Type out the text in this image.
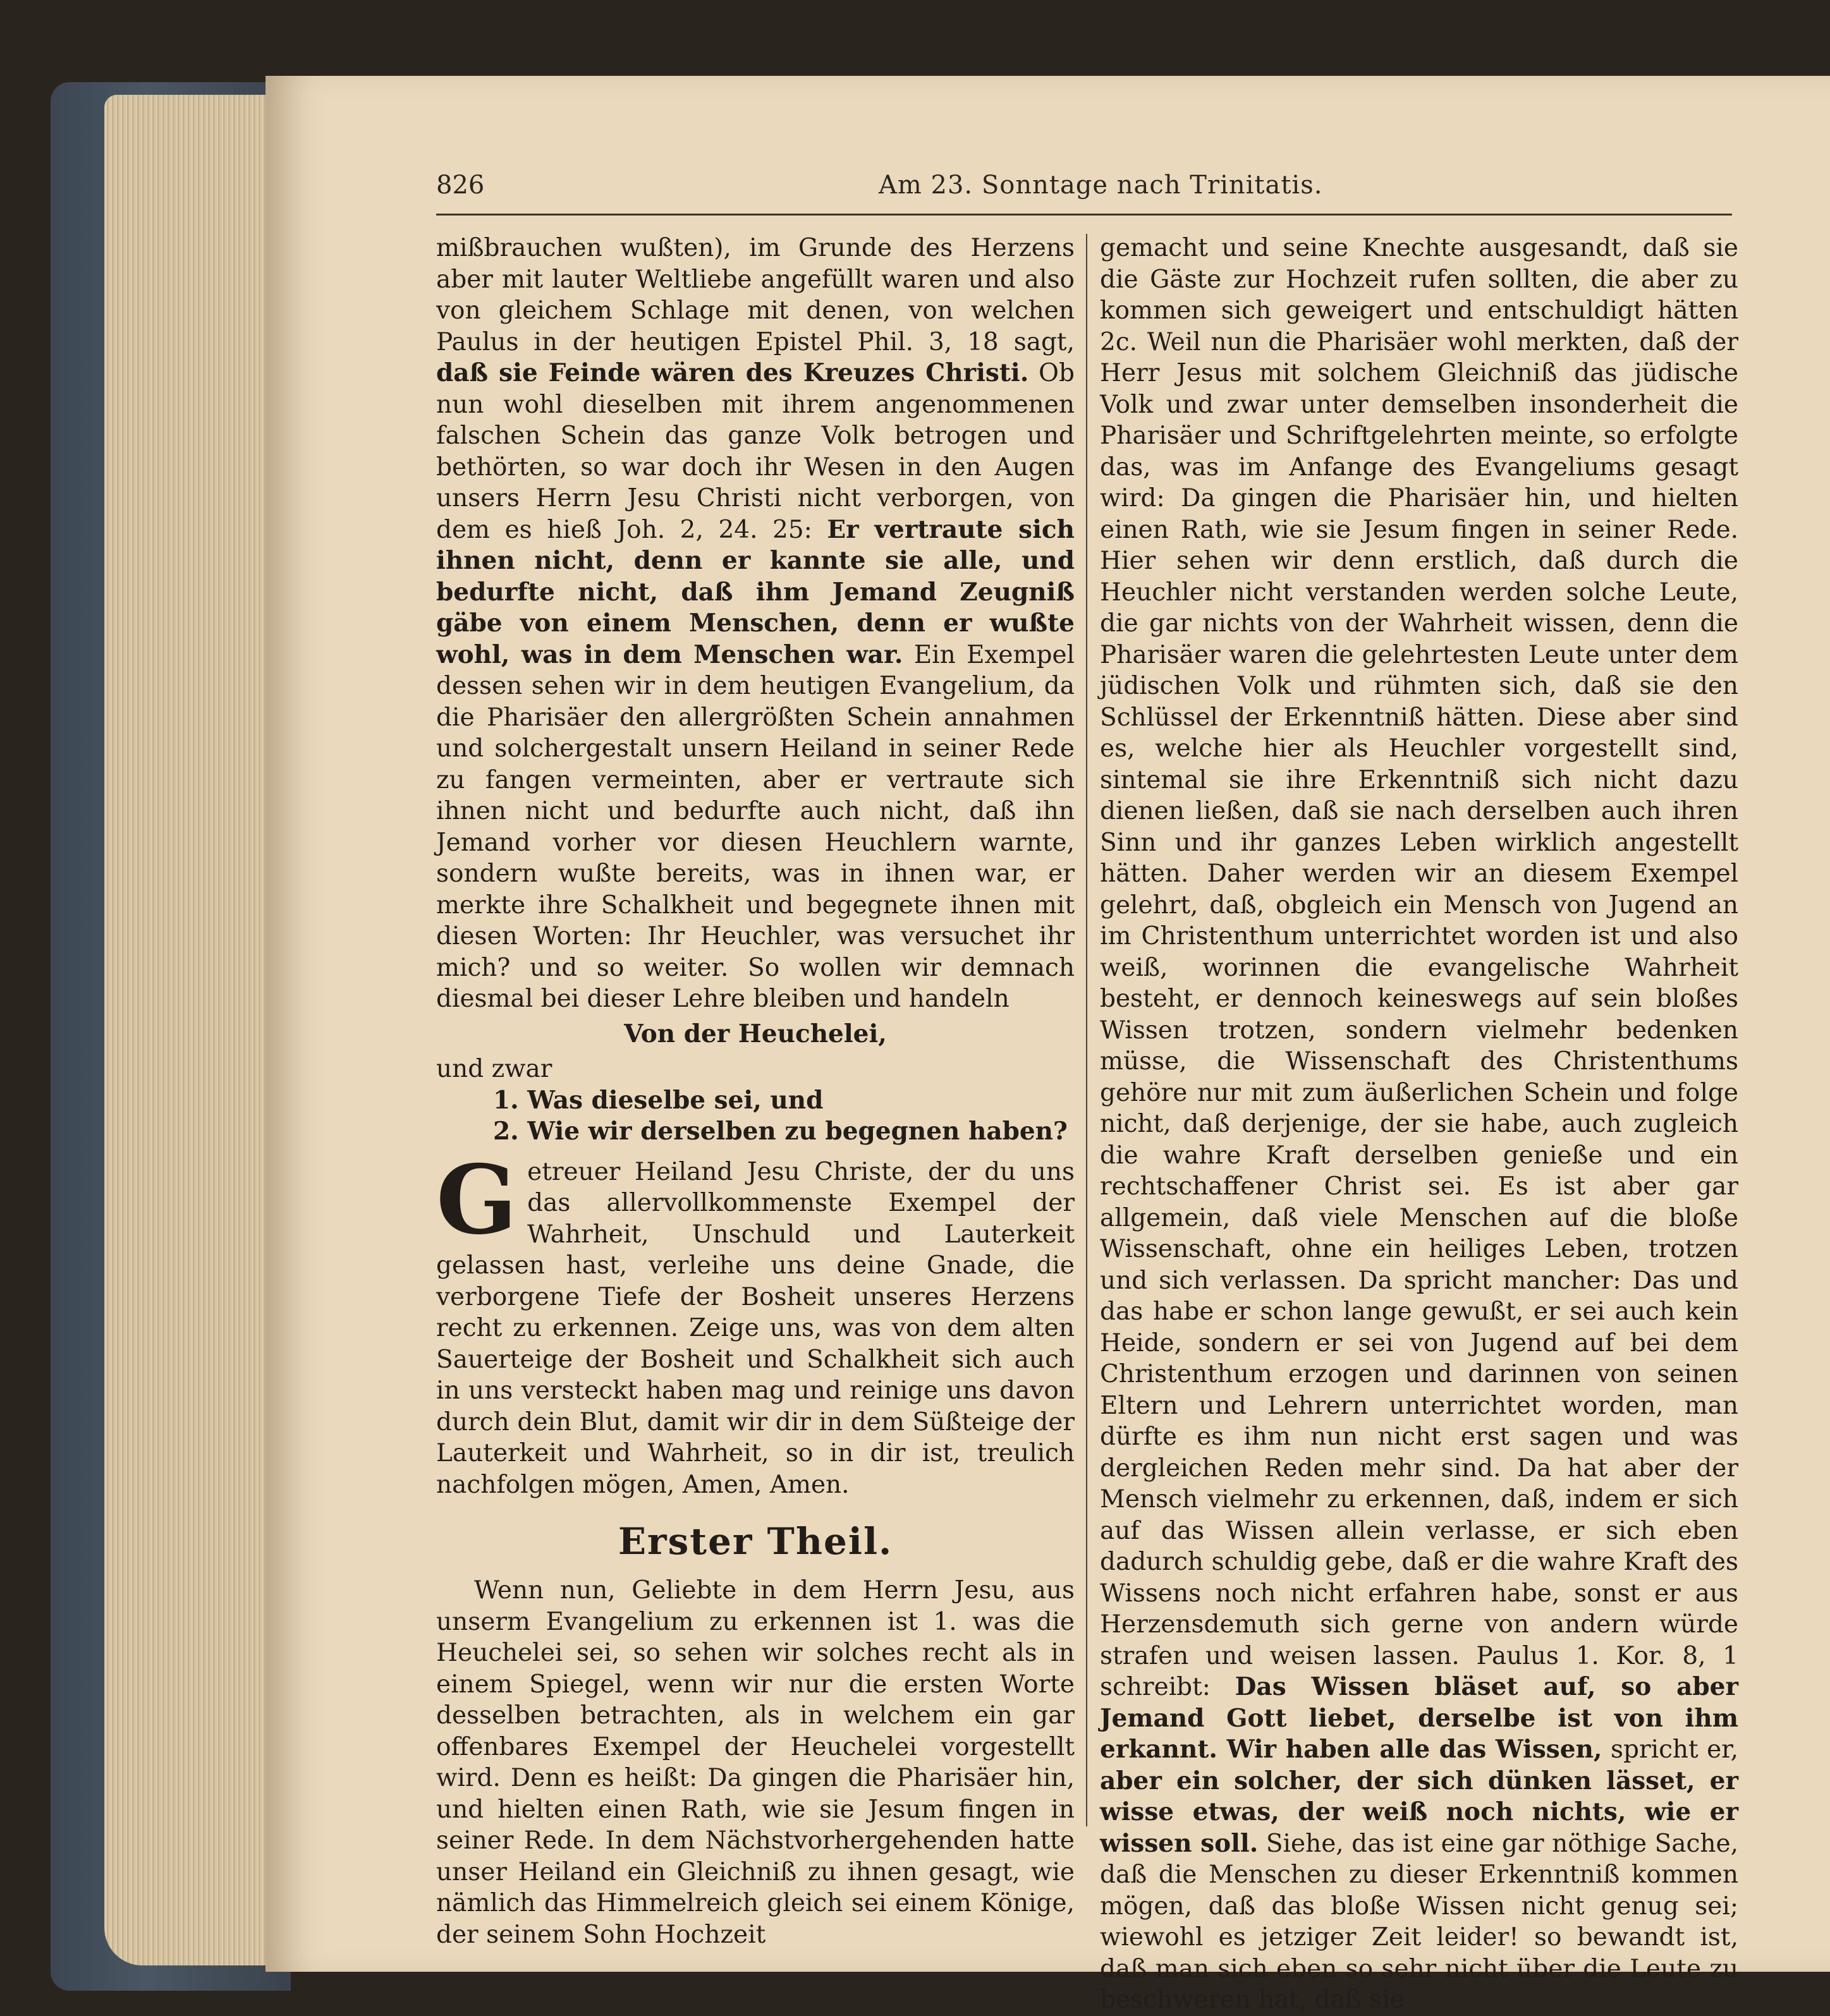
826	Am 23. Sonntage nach Trinitatis.

mißbrauchen wußten), im Grunde des Herzens aber mit lauter Weltliebe angefüllt waren und also von gleichem Schlage mit denen, von welchen Paulus in der heutigen Epistel Phil. 3, 18 sagt, daß sie Feinde wären des Kreuzes Christi. Ob nun wohl dieselben mit ihrem angenommenen falschen Schein das ganze Volk betrogen und bethörten, so war doch ihr Wesen in den Augen unsers Herrn Jesu Christi nicht verborgen, von dem es hieß Joh. 2, 24. 25: Er vertraute sich ihnen nicht, denn er kannte sie alle, und bedurfte nicht, daß ihm Jemand Zeugniß gäbe von einem Menschen, denn er wußte wohl, was in dem Menschen war. Ein Exempel dessen sehen wir in dem heutigen Evangelium, da die Pharisäer den allergrößten Schein annahmen und solchergestalt unsern Heiland in seiner Rede zu fangen vermeinten, aber er vertraute sich ihnen nicht und bedurfte auch nicht, daß ihn Jemand vorher vor diesen Heuchlern warnte, sondern wußte bereits, was in ihnen war, er merkte ihre Schalkheit und begegnete ihnen mit diesen Worten: Ihr Heuchler, was versuchet ihr mich? und so weiter. So wollen wir demnach diesmal bei dieser Lehre bleiben und handeln

Von der Heuchelei,
und zwar
1. Was dieselbe sei, und
2. Wie wir derselben zu begegnen haben?
G etreuer Heiland Jesu Christe, der du uns das allervollkommenste Exempel der Wahrheit, Unschuld und Lauterkeit gelassen hast, verleihe uns deine Gnade, die verborgene Tiefe der Bosheit unseres Herzens recht zu erkennen. Zeige uns, was von dem alten Sauerteige der Bosheit und Schalkheit sich auch in uns versteckt haben mag und reinige uns davon durch dein Blut, damit wir dir in dem Süßteige der Lauterkeit und Wahrheit, so in dir ist, treulich nachfolgen mögen, Amen, Amen.
Erster Theil.

Wenn nun, Geliebte in dem Herrn Jesu, aus unserm Evangelium zu erkennen ist 1. was die Heuchelei sei, so sehen wir solches recht als in einem Spiegel, wenn wir nur die ersten Worte desselben betrachten, als in welchem ein gar offenbares Exempel der Heuchelei vorgestellt wird. Denn es heißt: Da gingen die Pharisäer hin, und hielten einen Rath, wie sie Jesum fingen in seiner Rede. In dem Nächstvorhergehenden hatte unser Heiland ein Gleichniß zu ihnen gesagt, wie nämlich das Himmelreich gleich sei einem Könige, der seinem Sohn Hochzeit

gemacht und seine Knechte ausgesandt, daß sie die Gäste zur Hochzeit rufen sollten, die aber zu kommen sich geweigert und entschuldigt hätten 2c. Weil nun die Pharisäer wohl merkten, daß der Herr Jesus mit solchem Gleichniß das jüdische Volk und zwar unter demselben insonderheit die Pharisäer und Schriftgelehrten meinte, so erfolgte das, was im Anfange des Evangeliums gesagt wird: Da gingen die Pharisäer hin, und hielten einen Rath, wie sie Jesum fingen in seiner Rede. Hier sehen wir denn erstlich, daß durch die Heuchler nicht verstanden werden solche Leute, die gar nichts von der Wahrheit wissen, denn die Pharisäer waren die gelehrtesten Leute unter dem jüdischen Volk und rühmten sich, daß sie den Schlüssel der Erkenntniß hätten. Diese aber sind es, welche hier als Heuchler vorgestellt sind, sintemal sie ihre Erkenntniß sich nicht dazu dienen ließen, daß sie nach derselben auch ihren Sinn und ihr ganzes Leben wirklich angestellt hätten. Daher werden wir an diesem Exempel gelehrt, daß, obgleich ein Mensch von Jugend an im Christenthum unterrichtet worden ist und also weiß, worinnen die evangelische Wahrheit besteht, er dennoch keineswegs auf sein bloßes Wissen trotzen, sondern vielmehr bedenken müsse, die Wissenschaft des Christenthums gehöre nur mit zum äußerlichen Schein und folge nicht, daß derjenige, der sie habe, auch zugleich die wahre Kraft derselben genieße und ein rechtschaffener Christ sei. Es ist aber gar allgemein, daß viele Menschen auf die bloße Wissenschaft, ohne ein heiliges Leben, trotzen und sich verlassen. Da spricht mancher: Das und das habe er schon lange gewußt, er sei auch kein Heide, sondern er sei von Jugend auf bei dem Christenthum erzogen und darinnen von seinen Eltern und Lehrern unterrichtet worden, man dürfte es ihm nun nicht erst sagen und was dergleichen Reden mehr sind. Da hat aber der Mensch vielmehr zu erkennen, daß, indem er sich auf das Wissen allein verlasse, er sich eben dadurch schuldig gebe, daß er die wahre Kraft des Wissens noch nicht erfahren habe, sonst er aus Herzensdemuth sich gerne von andern würde strafen und weisen lassen. Paulus 1. Kor. 8, 1 schreibt: Das Wissen bläset auf, so aber Jemand Gott liebet, derselbe ist von ihm erkannt. Wir haben alle das Wissen, spricht er, aber ein solcher, der sich dünken lässet, er wisse etwas, der weiß noch nichts, wie er wissen soll. Siehe, das ist eine gar nöthige Sache, daß die Menschen zu dieser Erkenntniß kommen mögen, daß das bloße Wissen nicht genug sei; wiewohl es jetziger Zeit leider! so bewandt ist, daß man sich eben so sehr nicht über die Leute zu beschweren hat, daß sie
